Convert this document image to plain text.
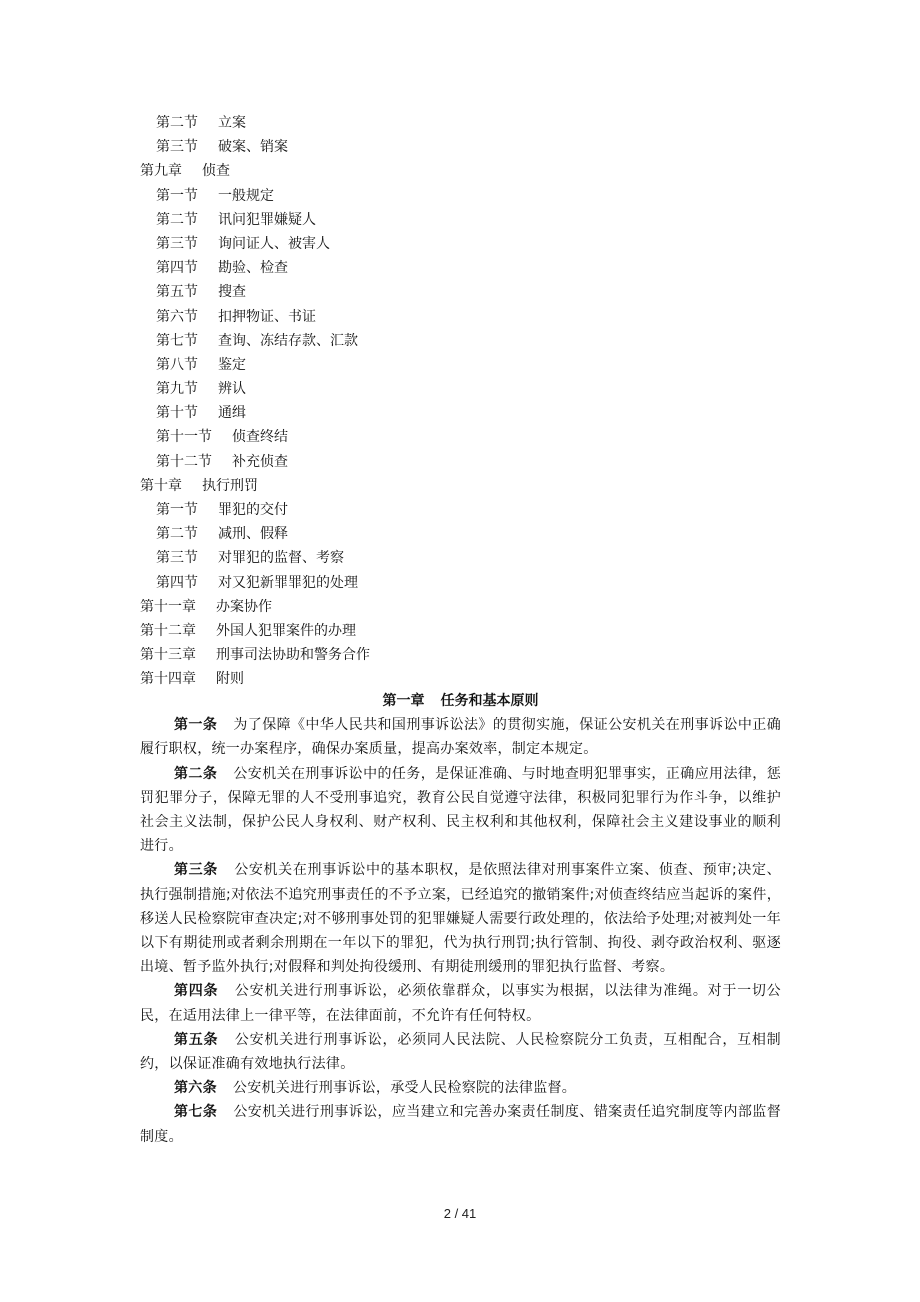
第二节 立案
第三节 破案、销案
第九章 侦查
第一节 一般规定
第二节 讯问犯罪嫌疑人
第三节 询问证人、被害人
第四节 勘验、检查
第五节 搜查
第六节 扣押物证、书证
第七节 查询、冻结存款、汇款
第八节 鉴定
第九节 辨认
第十节 通缉
第十一节 侦查终结
第十二节 补充侦查
第十章 执行刑罚
第一节 罪犯的交付
第二节 减刑、假释
第三节 对罪犯的监督、考察
第四节 对又犯新罪罪犯的处理
第十一章 办案协作
第十二章 外国人犯罪案件的办理
第十三章 刑事司法协助和警务合作
第十四章 附则
第一章 任务和基本原则
第一条 为了保障《中华人民共和国刑事诉讼法》的贯彻实施，保证公安机关在刑事诉讼中正确履行职权，统一办案程序，确保办案质量，提高办案效率，制定本规定。
第二条 公安机关在刑事诉讼中的任务，是保证准确、与时地查明犯罪事实，正确应用法律，惩罚犯罪分子，保障无罪的人不受刑事追究，教育公民自觉遵守法律，积极同犯罪行为作斗争，以维护社会主义法制，保护公民人身权利、财产权利、民主权利和其他权利，保障社会主义建设事业的顺利进行。
第三条 公安机关在刑事诉讼中的基本职权，是依照法律对刑事案件立案、侦查、预审;决定、执行强制措施;对依法不追究刑事责任的不予立案，已经追究的撤销案件;对侦查终结应当起诉的案件，移送人民检察院审查决定;对不够刑事处罚的犯罪嫌疑人需要行政处理的，依法给予处理;对被判处一年以下有期徒刑或者剩余刑期在一年以下的罪犯，代为执行刑罚;执行管制、拘役、剥夺政治权利、驱逐出境、暂予监外执行;对假释和判处拘役缓刑、有期徒刑缓刑的罪犯执行监督、考察。
第四条 公安机关进行刑事诉讼，必须依靠群众，以事实为根据，以法律为准绳。对于一切公民，在适用法律上一律平等，在法律面前，不允许有任何特权。
第五条 公安机关进行刑事诉讼，必须同人民法院、人民检察院分工负责，互相配合，互相制约，以保证准确有效地执行法律。
第六条 公安机关进行刑事诉讼，承受人民检察院的法律监督。
第七条 公安机关进行刑事诉讼，应当建立和完善办案责任制度、错案责任追究制度等内部监督制度。
2 / 41
